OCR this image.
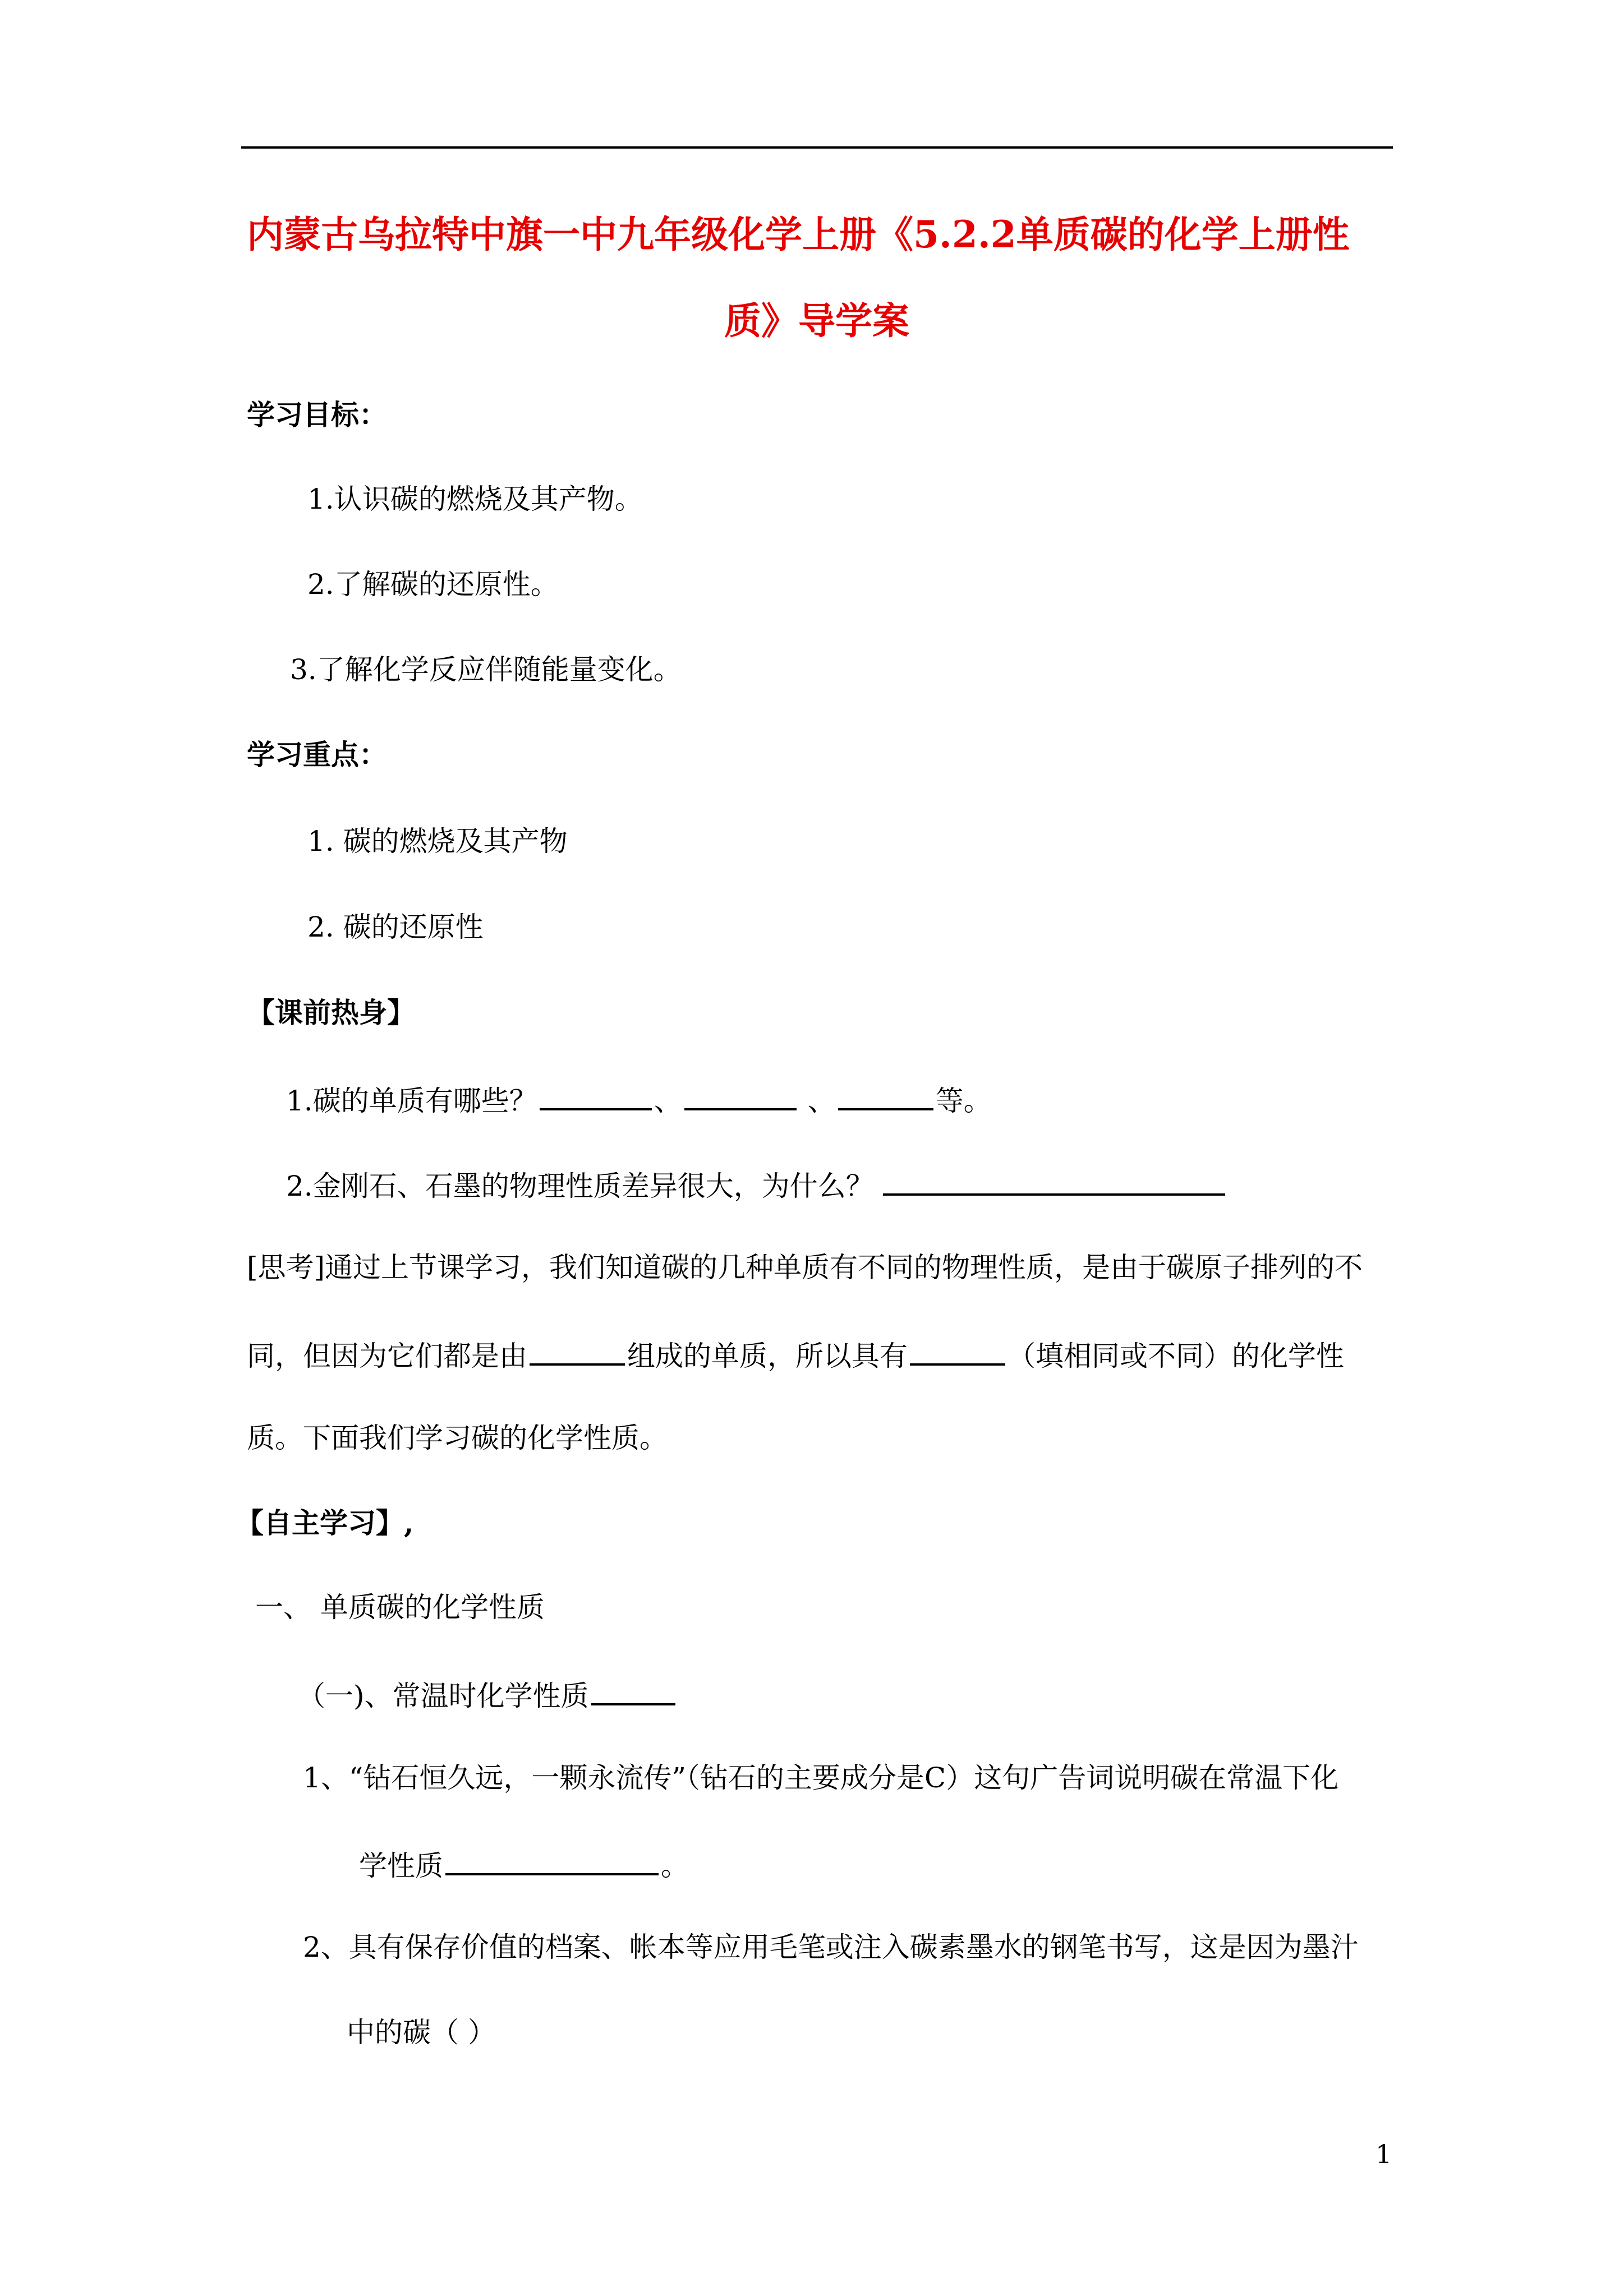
内蒙古乌拉特中旗一中九年级化学上册《5.2.2单质碳的化学上册性
质》导学案
学习目标：
1.认识碳的燃烧及其产物。
2.了解碳的还原性。
3.了解化学反应伴随能量变化。
学习重点：
1. 碳的燃烧及其产物
2. 碳的还原性
【课前热身】
1.碳的单质有哪些？	、	、	等。
2.金刚石、石墨的物理性质差异很大，为什么？
[思考]通过上节课学习，我们知道碳的几种单质有不同的物理性质，是由于碳原子排列的不
同，但因为它们都是由	组成的单质，所以具有	（填相同或不同）的化学性
质。下面我们学习碳的化学性质。
【自主学习】,
一、 单质碳的化学性质
（一)、常温时化学性质
1、“钻石恒久远，一颗永流传”（钻石的主要成分是C）这句广告词说明碳在常温下化
学性质	。
2、具有保存价值的档案、帐本等应用毛笔或注入碳素墨水的钢笔书写，这是因为墨汁
中的碳（ ）
1
